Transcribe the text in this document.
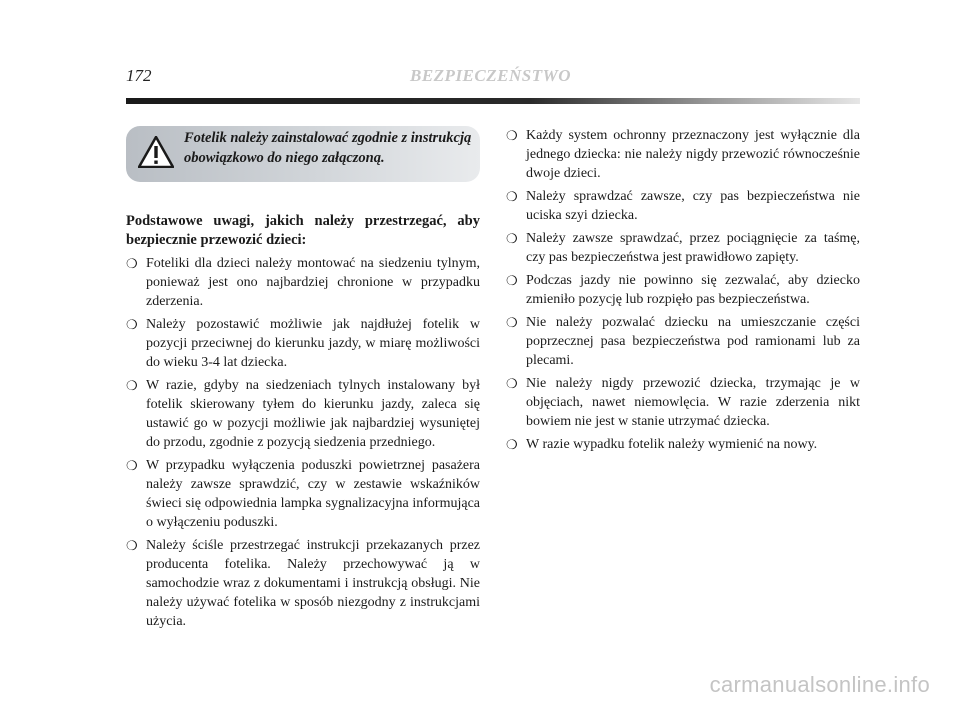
172	BEZPIECZEŃSTWO
Fotelik należy zainstalować zgodnie z instrukcją obowiązkowo do niego załączoną.

Podstawowe uwagi, jakich należy przestrzegać, aby bezpiecznie przewozić dzieci:

❍ Foteliki dla dzieci należy montować na siedzeniu tylnym, ponieważ jest ono najbardziej chronione w przypadku zderzenia.
❍ Należy pozostawić możliwie jak najdłużej fotelik w pozycji przeciwnej do kierunku jazdy, w miarę możliwości do wieku 3-4 lat dziecka.
❍ W razie, gdyby na siedzeniach tylnych instalowany był fotelik skierowany tyłem do kierunku jazdy, zaleca się ustawić go w pozycji możliwie jak najbardziej wysuniętej do przodu, zgodnie z pozycją siedzenia przedniego.
❍ W przypadku wyłączenia poduszki powietrznej pasażera należy zawsze sprawdzić, czy w zestawie wskaźników świeci się odpowiednia lampka sygnalizacyjna informująca o wyłączeniu poduszki.
❍ Należy ściśle przestrzegać instrukcji przekazanych przez producenta fotelika. Należy przechowywać ją w samochodzie wraz z dokumentami i instrukcją obsługi. Nie należy używać fotelika w sposób niezgodny z instrukcjami użycia.
❍ Każdy system ochronny przeznaczony jest wyłącznie dla jednego dziecka: nie należy nigdy przewozić równocześnie dwoje dzieci.
❍ Należy sprawdzać zawsze, czy pas bezpieczeństwa nie uciska szyi dziecka.
❍ Należy zawsze sprawdzać, przez pociągnięcie za taśmę, czy pas bezpieczeństwa jest prawidłowo zapięty.
❍ Podczas jazdy nie powinno się zezwalać, aby dziecko zmieniło pozycję lub rozpięło pas bezpieczeństwa.
❍ Nie należy pozwalać dziecku na umieszczanie części poprzecznej pasa bezpieczeństwa pod ramionami lub za plecami.
❍ Nie należy nigdy przewozić dziecka, trzymając je w objęciach, nawet niemowlęcia. W razie zderzenia nikt bowiem nie jest w stanie utrzymać dziecka.
❍ W razie wypadku fotelik należy wymienić na nowy.
carmanualsonline.info
